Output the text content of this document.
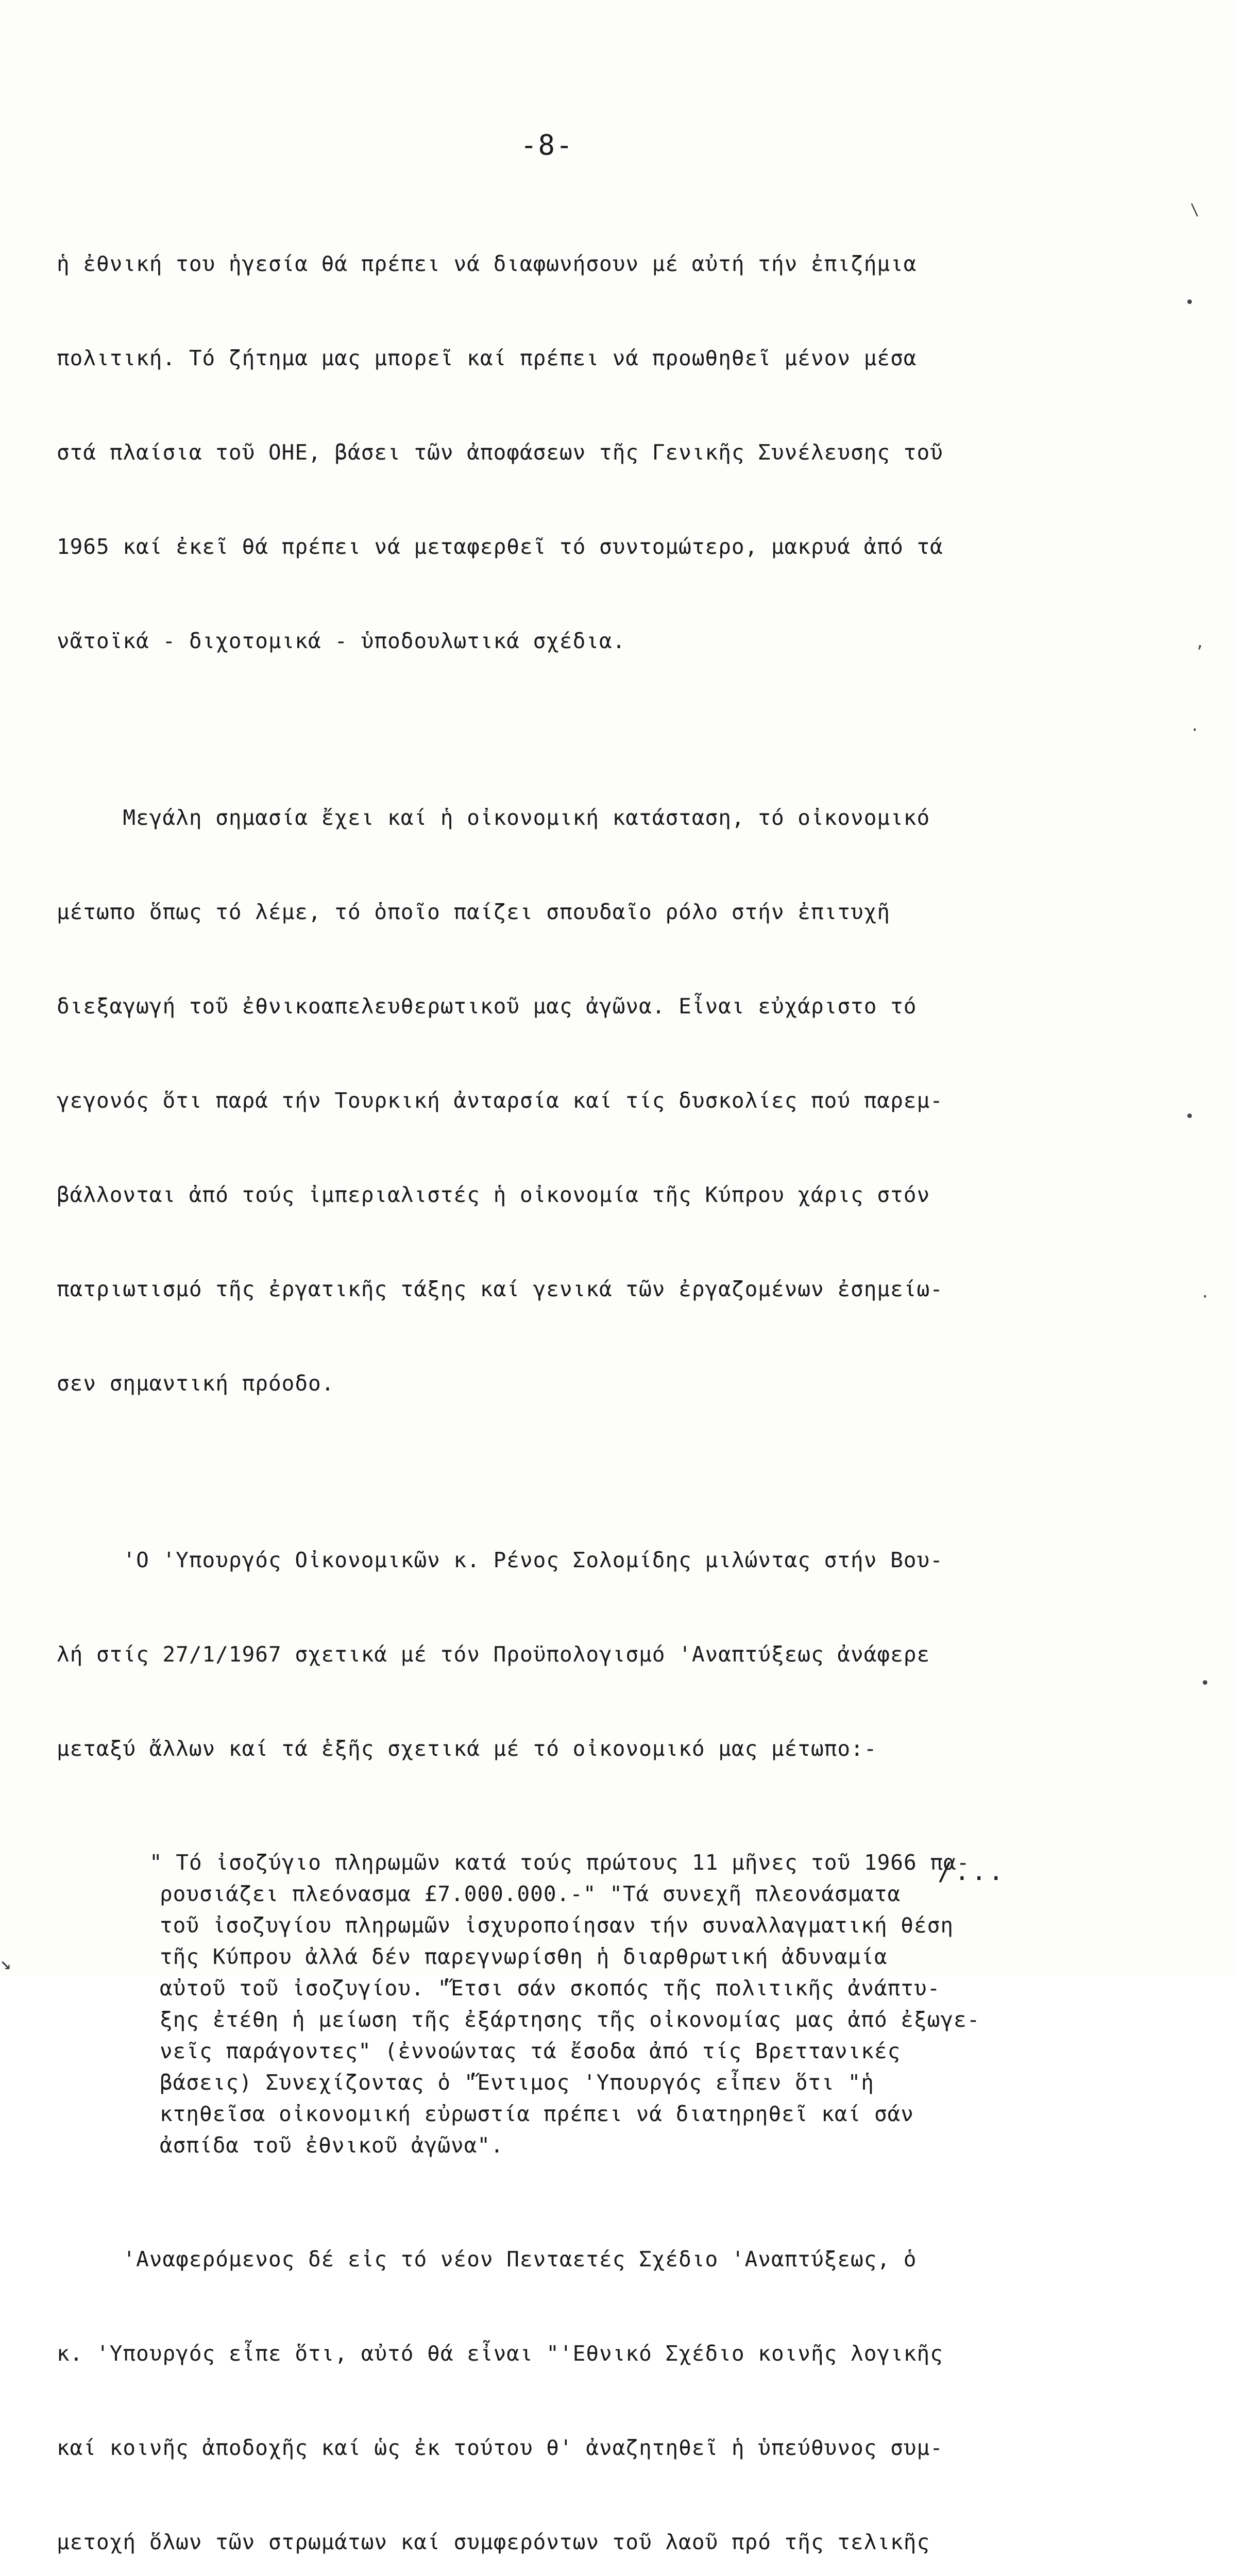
-8-

ἡ ἐθνική του ἡγεσία θά πρέπει νά διαφωνήσουν μέ αὐτή τήν ἐπιζήμια

πολιτική. Τό ζήτημα μας μπορεῖ καί πρέπει νά προωθηθεῖ μένον μέσα

στά πλαίσια τοῦ ΟΗΕ, βάσει τῶν ἀποφάσεων τῆς Γενικῆς Συνέλευσης τοῦ

1965 καί ἐκεῖ θά πρέπει νά μεταφερθεῖ τό συντομώτερο, μακρυά ἀπό τά

νᾶτοϊκά - διχοτομικά - ὑποδουλωτικά σχέδια.

Μεγάλη σημασία ἔχει καί ἡ οἰκονομική κατάσταση, τό οἰκονομικό

μέτωπο ὅπως τό λέμε, τό ὁποῖο παίζει σπουδαῖο ρόλο στήν ἐπιτυχῆ

διεξαγωγή τοῦ ἐθνικοαπελευθερωτικοῦ μας ἀγῶνα. Εἶναι εὐχάριστο τό

γεγονός ὅτι παρά τήν Τουρκική ἀνταρσία καί τίς δυσκολίες πού παρεμ-

βάλλονται ἀπό τούς ἰμπεριαλιστές ἡ οἰκονομία τῆς Κύπρου χάρις στόν

πατριωτισμό τῆς ἐργατικῆς τάξης καί γενικά τῶν ἐργαζομένων ἐσημείω-

σεν σημαντική πρόοδο.

'Ο 'Υπουργός Οἰκονομικῶν κ. Ρένος Σολομίδης μιλώντας στήν Βου-

λή στίς 27/1/1967 σχετικά μέ τόν Προϋπολογισμό 'Αναπτύξεως ἀνάφερε

μεταξύ ἄλλων καί τά ἑξῆς σχετικά μέ τό οἰκονομικό μας μέτωπο:-

" Τό ἰσοζύγιο πληρωμῶν κατά τούς πρώτους 11 μῆνες τοῦ 1966 πα-
ρουσιάζει πλεόνασμα £7.000.000.-" "Τά συνεχῆ πλεονάσματα
τοῦ ἰσοζυγίου πληρωμῶν ἰσχυροποίησαν τήν συναλλαγματική θέση
τῆς Κύπρου ἀλλά δέν παρεγνωρίσθη ἡ διαρθρωτική ἀδυναμία
αὐτοῦ τοῦ ἰσοζυγίου. "Ἔτσι σάν σκοπός τῆς πολιτικῆς ἀνάπτυ-
ξης ἐτέθη ἡ μείωση τῆς ἐξάρτησης τῆς οἰκονομίας μας ἀπό ἐξωγε-
νεῖς παράγοντες" (ἐννοώντας τά ἔσοδα ἀπό τίς Βρεττανικές
βάσεις) Συνεχίζοντας ὁ "Ἔντιμος 'Υπουργός εἶπεν ὅτι "ἡ
κτηθεῖσα οἰκονομική εὐρωστία πρέπει νά διατηρηθεῖ καί σάν
ἀσπίδα τοῦ ἐθνικοῦ ἀγῶνα".

'Αναφερόμενος δέ εἰς τό νέον Πενταετές Σχέδιο 'Αναπτύξεως, ὁ

κ. 'Υπουργός εἶπε ὅτι, αὐτό θά εἶναι "'Εθνικό Σχέδιο κοινῆς λογικῆς

καί κοινῆς ἀποδοχῆς καί ὡς ἐκ τούτου θ' ἀναζητηθεῖ ἡ ὑπεύθυνος συμ-

μετοχή ὅλων τῶν στρωμάτων καί συμφερόντων τοῦ λαοῦ πρό τῆς τελικῆς

/...
\
•
,
·
•
·
•
↘
